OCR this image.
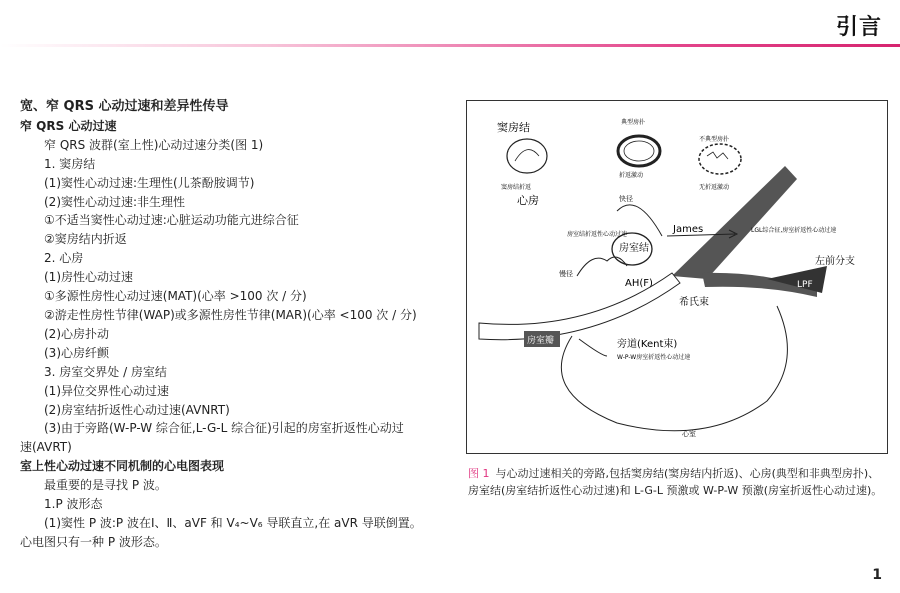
引言
宽、窄 QRS 心动过速和差异性传导
窄 QRS 心动过速
窄 QRS 波群(室上性)心动过速分类(图 1)
1. 窦房结
(1)窦性心动过速:生理性(儿茶酚胺调节)
(2)窦性心动过速:非生理性
①不适当窦性心动过速:心脏运动功能亢进综合征
②窦房结内折返
2. 心房
(1)房性心动过速
①多源性房性心动过速(MAT)(心率 >100 次 / 分)
②游走性房性节律(WAP)或多源性房性节律(MAR)(心率 <100 次 / 分)
(2)心房扑动
(3)心房纤颤
3. 房室交界处 / 房室结
(1)异位交界性心动过速
(2)房室结折返性心动过速(AVNRT)
(3)由于旁路(W-P-W 综合征,L-G-L 综合征)引起的房室折返性心动过
速(AVRT)
室上性心动过速不同机制的心电图表现
最重要的是寻找 P 波。
1.P 波形态
(1)窦性 P 波:P 波在Ⅰ、Ⅱ、aVF 和 V₄~V₆ 导联直立,在 aVR 导联倒置。
心电图只有一种 P 波形态。
窦房结
窦房结折返
心房
典型房扑
折返激动
不典型房扑
无折返激动
LPF
左前分支
房室瓣
房室结
快径
慢径
房室结折返性心动过速	James	LGL综合征,房室折返性心动过速
AH(F)
希氏束
旁道(Kent束)
W-P-W房室折返性心动过速
心室
图 1 与心动过速相关的旁路,包括窦房结(窦房结内折返)、心房(典型和非典型房扑)、房室结(房室结折返性心动过速)和 L-G-L 预激或 W-P-W 预激(房室折返性心动过速)。
1
